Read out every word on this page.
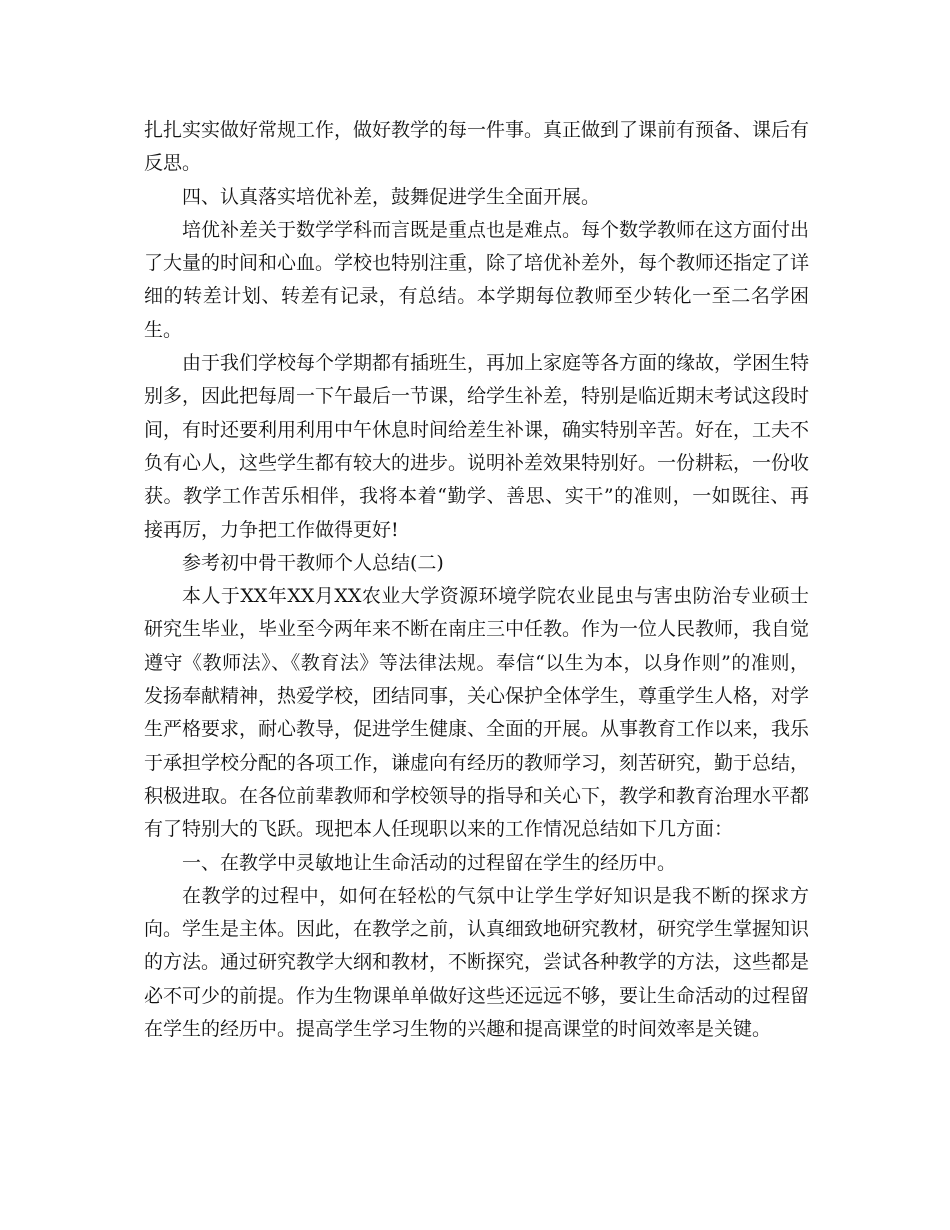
扎扎实实做好常规工作，做好教学的每一件事。真正做到了课前有预备、课后有反思。

四、认真落实培优补差，鼓舞促进学生全面开展。

培优补差关于数学学科而言既是重点也是难点。每个数学教师在这方面付出了大量的时间和心血。学校也特别注重，除了培优补差外，每个教师还指定了详细的转差计划、转差有记录，有总结。本学期每位教师至少转化一至二名学困生。

由于我们学校每个学期都有插班生，再加上家庭等各方面的缘故，学困生特别多，因此把每周一下午最后一节课，给学生补差，特别是临近期末考试这段时间，有时还要利用利用中午休息时间给差生补课，确实特别辛苦。好在，工夫不负有心人，这些学生都有较大的进步。说明补差效果特别好。一份耕耘，一份收获。教学工作苦乐相伴，我将本着“勤学、善思、实干”的准则，一如既往、再接再厉，力争把工作做得更好!

参考初中骨干教师个人总结(二)

本人于XX年XX月XX农业大学资源环境学院农业昆虫与害虫防治专业硕士研究生毕业，毕业至今两年来不断在南庄三中任教。作为一位人民教师，我自觉遵守《教师法》、《教育法》等法律法规。奉信“以生为本，以身作则”的准则，发扬奉献精神，热爱学校，团结同事，关心保护全体学生，尊重学生人格，对学生严格要求，耐心教导，促进学生健康、全面的开展。从事教育工作以来，我乐于承担学校分配的各项工作，谦虚向有经历的教师学习，刻苦研究，勤于总结，积极进取。在各位前辈教师和学校领导的指导和关心下，教学和教育治理水平都有了特别大的飞跃。现把本人任现职以来的工作情况总结如下几方面：

一、在教学中灵敏地让生命活动的过程留在学生的经历中。

在教学的过程中，如何在轻松的气氛中让学生学好知识是我不断的探求方向。学生是主体。因此，在教学之前，认真细致地研究教材，研究学生掌握知识的方法。通过研究教学大纲和教材，不断探究，尝试各种教学的方法，这些都是必不可少的前提。作为生物课单单做好这些还远远不够，要让生命活动的过程留在学生的经历中。提高学生学习生物的兴趣和提高课堂的时间效率是关键。
